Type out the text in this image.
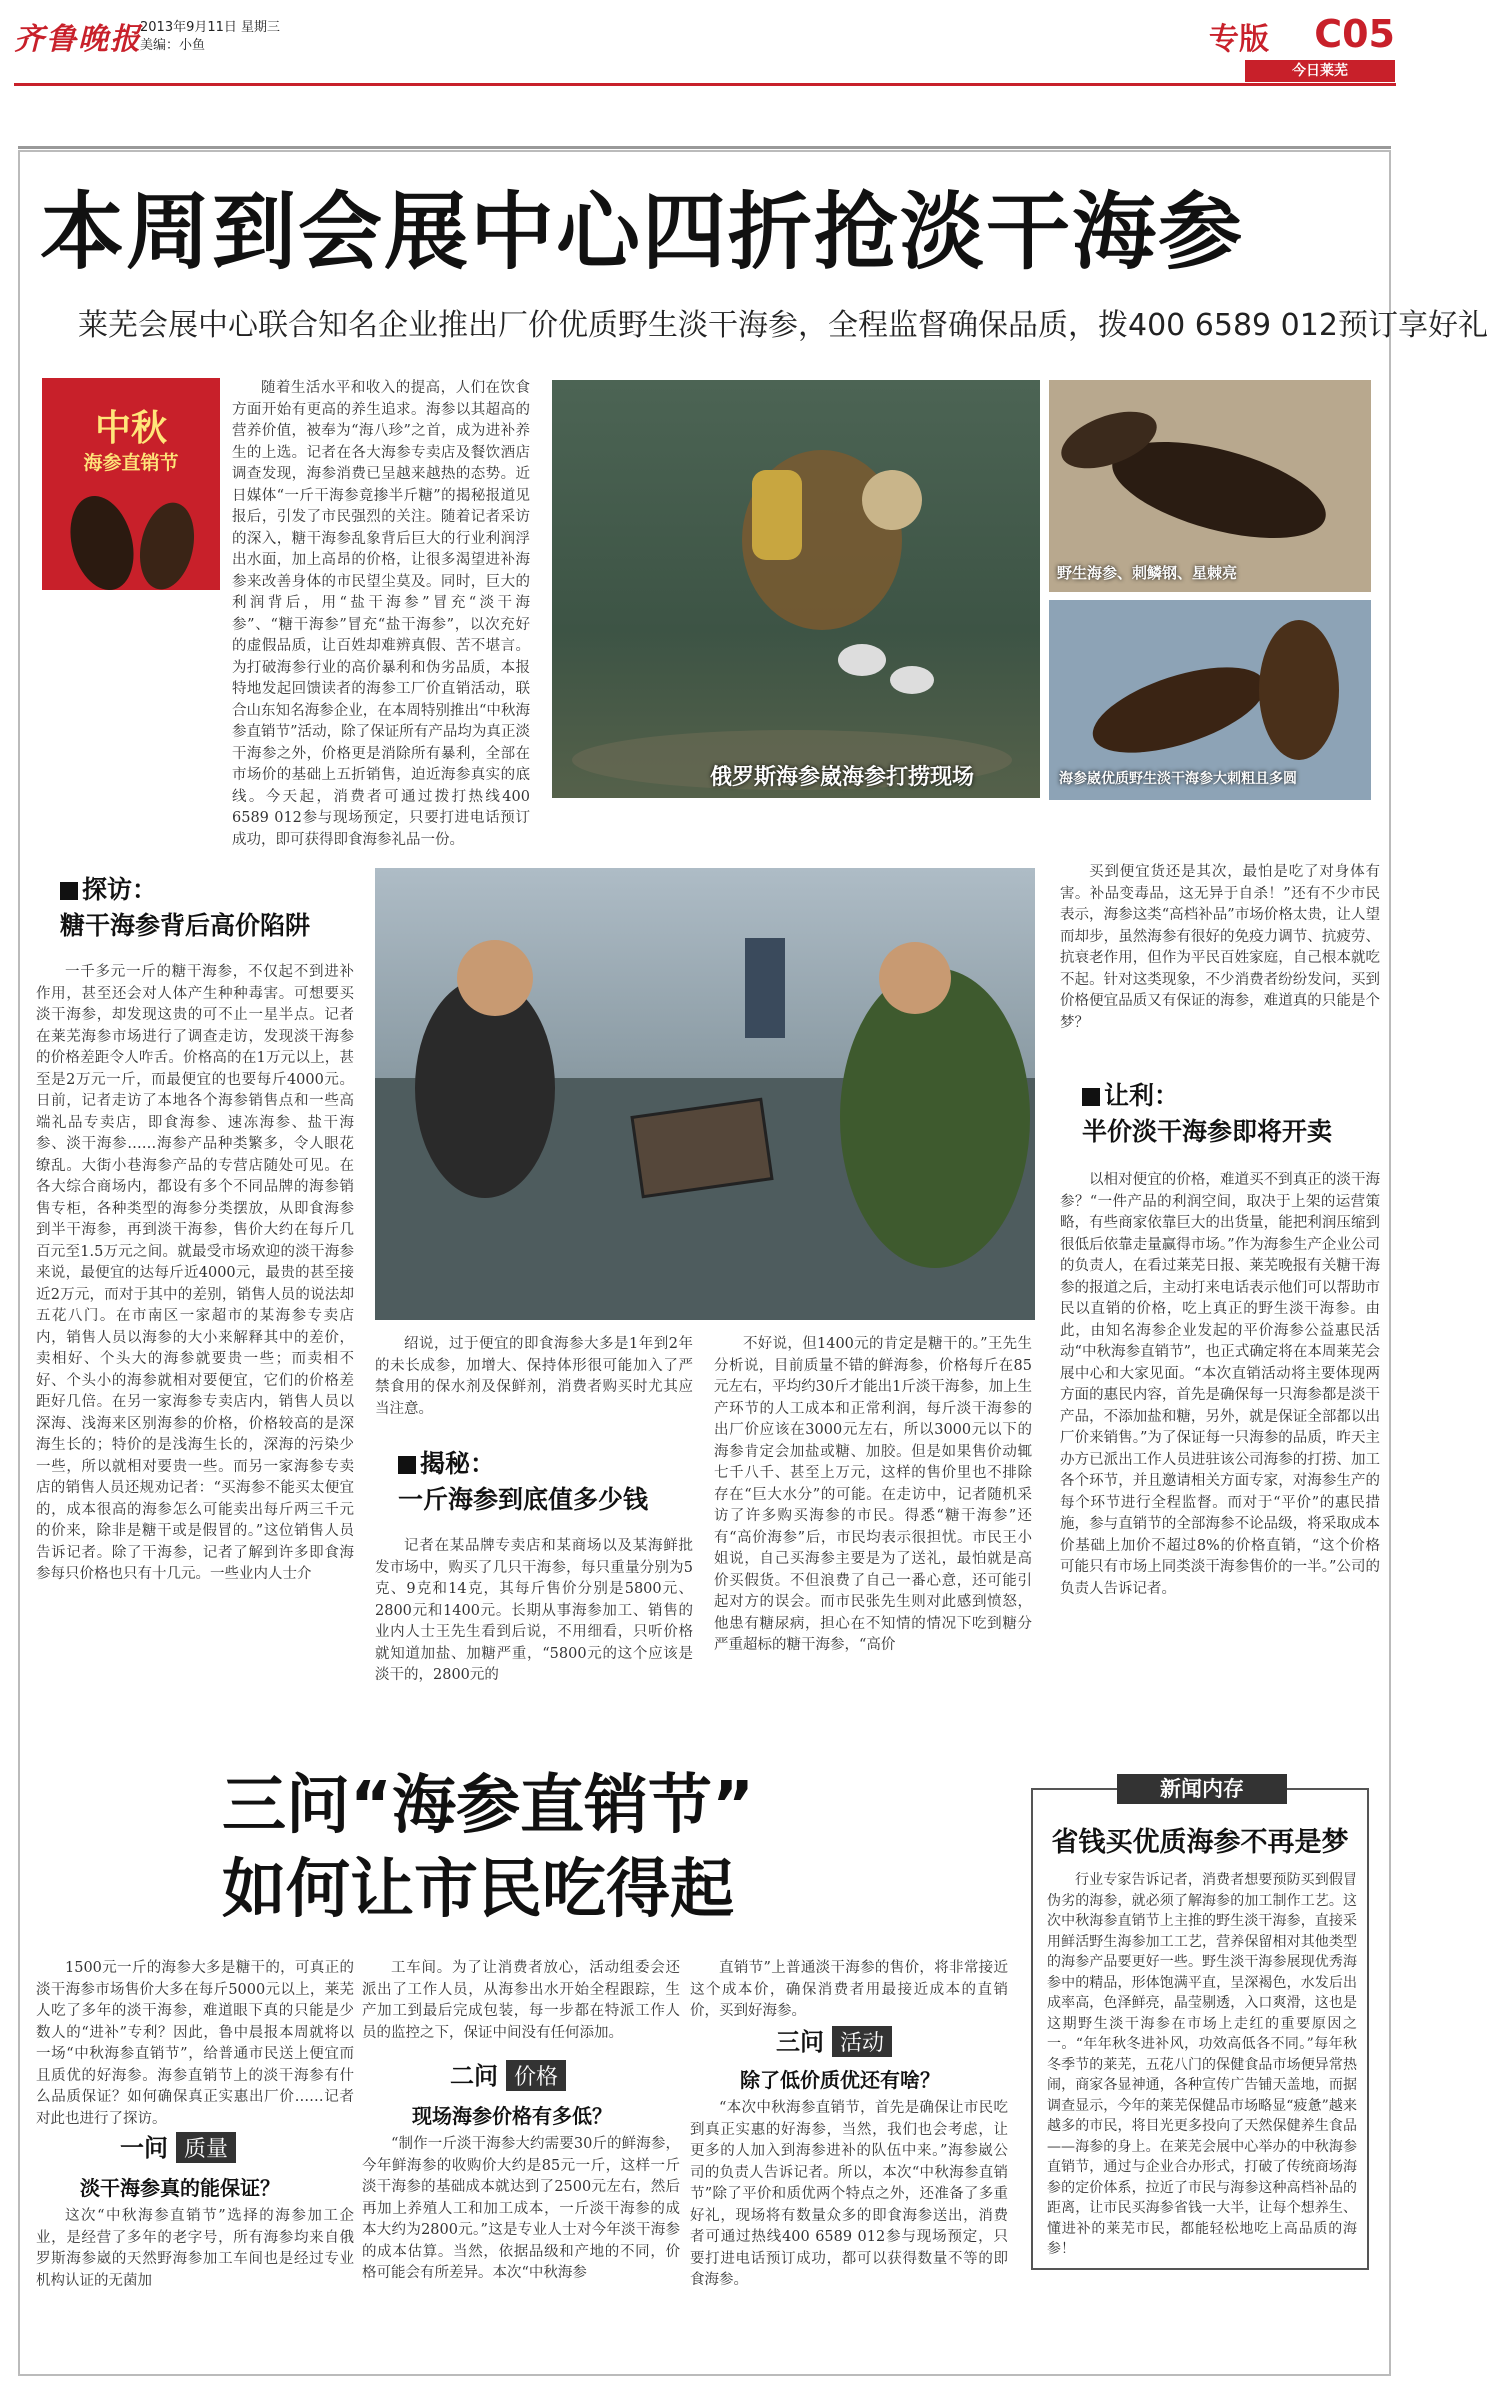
齐鲁晚报
2013年9月11日 星期三
美编：小鱼	专版 C05
今日莱芜
本周到会展中心四折抢淡干海参
莱芜会展中心联合知名企业推出厂价优质野生淡干海参，全程监督确保品质，拨400 6589 012预订享好礼
中秋
海参直销节
随着生活水平和收入的提高，人们在饮食方面开始有更高的养生追求。海参以其超高的营养价值，被奉为“海八珍”之首，成为进补养生的上选。记者在各大海参专卖店及餐饮酒店调查发现，海参消费已呈越来越热的态势。近日媒体“一斤干海参竟掺半斤糖”的揭秘报道见报后，引发了市民强烈的关注。随着记者采访的深入，糖干海参乱象背后巨大的行业利润浮出水面，加上高昂的价格，让很多渴望进补海参来改善身体的市民望尘莫及。同时，巨大的利润背后，用“盐干海参”冒充“淡干海参”、“糖干海参”冒充“盐干海参”，以次充好的虚假品质，让百姓却难辨真假、苦不堪言。为打破海参行业的高价暴利和伪劣品质，本报特地发起回馈读者的海参工厂价直销活动，联合山东知名海参企业，在本周特别推出“中秋海参直销节”活动，除了保证所有产品均为真正淡干海参之外，价格更是消除所有暴利，全部在市场价的基础上五折销售，迫近海参真实的底线。今天起，消费者可通过拨打热线400 6589 012参与现场预定，只要打进电话预订成功，即可获得即食海参礼品一份。
俄罗斯海参崴海参打捞现场
野生海参、刺鳞钢、星棘亮
海参崴优质野生淡干海参大刺粗且多圆
探访：
糖干海参背后高价陷阱
一千多元一斤的糖干海参，不仅起不到进补作用，甚至还会对人体产生种种毒害。可想要买淡干海参，却发现这贵的可不止一星半点。记者在莱芜海参市场进行了调查走访，发现淡干海参的价格差距令人咋舌。价格高的在1万元以上，甚至是2万元一斤，而最便宜的也要每斤4000元。日前，记者走访了本地各个海参销售点和一些高端礼品专卖店，即食海参、速冻海参、盐干海参、淡干海参……海参产品种类繁多，令人眼花缭乱。大街小巷海参产品的专营店随处可见。在各大综合商场内，都设有多个不同品牌的海参销售专柜，各种类型的海参分类摆放，从即食海参到半干海参，再到淡干海参，售价大约在每斤几百元至1.5万元之间。就最受市场欢迎的淡干海参来说，最便宜的达每斤近4000元，最贵的甚至接近2万元，而对于其中的差别，销售人员的说法却五花八门。在市南区一家超市的某海参专卖店内，销售人员以海参的大小来解释其中的差价，卖相好、个头大的海参就要贵一些；而卖相不好、个头小的海参就相对要便宜，它们的价格差距好几倍。在另一家海参专卖店内，销售人员以深海、浅海来区别海参的价格，价格较高的是深海生长的；特价的是浅海生长的，深海的污染少一些，所以就相对要贵一些。而另一家海参专卖店的销售人员还规劝记者：“买海参不能买太便宜的，成本很高的海参怎么可能卖出每斤两三千元的价来，除非是糖干或是假冒的。”这位销售人员告诉记者。除了干海参，记者了解到许多即食海参每只价格也只有十几元。一些业内人士介
绍说，过于便宜的即食海参大多是1年到2年的未长成参，加增大、保持体形很可能加入了严禁食用的保水剂及保鲜剂，消费者购买时尤其应当注意。
揭秘：
一斤海参到底值多少钱
记者在某品牌专卖店和某商场以及某海鲜批发市场中，购买了几只干海参，每只重量分别为5克、9克和14克，其每斤售价分别是5800元、2800元和1400元。长期从事海参加工、销售的业内人士王先生看到后说，不用细看，只听价格就知道加盐、加糖严重，“5800元的这个应该是淡干的，2800元的
不好说，但1400元的肯定是糖干的。”王先生分析说，目前质量不错的鲜海参，价格每斤在85元左右，平均约30斤才能出1斤淡干海参，加上生产环节的人工成本和正常利润，每斤淡干海参的出厂价应该在3000元左右，所以3000元以下的海参肯定会加盐或糖、加胶。但是如果售价动辄七千八千、甚至上万元，这样的售价里也不排除存在“巨大水分”的可能。在走访中，记者随机采访了许多购买海参的市民。得悉“糖干海参”还有“高价海参”后，市民均表示很担忧。市民王小姐说，自己买海参主要是为了送礼，最怕就是高价买假货。不但浪费了自己一番心意，还可能引起对方的误会。而市民张先生则对此感到愤怒，他患有糖尿病，担心在不知情的情况下吃到糖分严重超标的糖干海参，“高价
买到便宜货还是其次，最怕是吃了对身体有害。补品变毒品，这无异于自杀！”还有不少市民表示，海参这类“高档补品”市场价格太贵，让人望而却步，虽然海参有很好的免疫力调节、抗疲劳、抗衰老作用，但作为平民百姓家庭，自己根本就吃不起。针对这类现象，不少消费者纷纷发问，买到价格便宜品质又有保证的海参，难道真的只能是个梦？
让利：
半价淡干海参即将开卖
以相对便宜的价格，难道买不到真正的淡干海参？“一件产品的利润空间，取决于上架的运营策略，有些商家依靠巨大的出货量，能把利润压缩到很低后依靠走量赢得市场。”作为海参生产企业公司的负责人，在看过莱芜日报、莱芜晚报有关糖干海参的报道之后，主动打来电话表示他们可以帮助市民以直销的价格，吃上真正的野生淡干海参。由此，由知名海参企业发起的平价海参公益惠民活动“中秋海参直销节”，也正式确定将在本周莱芜会展中心和大家见面。“本次直销活动将主要体现两方面的惠民内容，首先是确保每一只海参都是淡干产品，不添加盐和糖，另外，就是保证全部都以出厂价来销售。”为了保证每一只海参的品质，昨天主办方已派出工作人员进驻该公司海参的打捞、加工各个环节，并且邀请相关方面专家，对海参生产的每个环节进行全程监督。而对于“平价”的惠民措施，参与直销节的全部海参不论品级，将采取成本价基础上加价不超过8%的价格直销，“这个价格可能只有市场上同类淡干海参售价的一半。”公司的负责人告诉记者。
三问“海参直销节”
如何让市民吃得起
1500元一斤的海参大多是糖干的，可真正的淡干海参市场售价大多在每斤5000元以上，莱芜人吃了多年的淡干海参，难道眼下真的只能是少数人的“进补”专利？因此，鲁中晨报本周就将以一场“中秋海参直销节”，给普通市民送上便宜而且质优的好海参。海参直销节上的淡干海参有什么品质保证？如何确保真正实惠出厂价……记者对此也进行了探访。
一问 质量
淡干海参真的能保证？
这次“中秋海参直销节”选择的海参加工企业，是经营了多年的老字号，所有海参均来自俄罗斯海参崴的天然野海参加工车间也是经过专业机构认证的无菌加
工车间。为了让消费者放心，活动组委会还派出了工作人员，从海参出水开始全程跟踪，生产加工到最后完成包装，每一步都在特派工作人员的监控之下，保证中间没有任何添加。
二问 价格
现场海参价格有多低？
“制作一斤淡干海参大约需要30斤的鲜海参，今年鲜海参的收购价大约是85元一斤，这样一斤淡干海参的基础成本就达到了2500元左右，然后再加上养殖人工和加工成本，一斤淡干海参的成本大约为2800元。”这是专业人士对今年淡干海参的成本估算。当然，依据品级和产地的不同，价格可能会有所差异。本次“中秋海参
直销节”上普通淡干海参的售价，将非常接近这个成本价，确保消费者用最接近成本的直销价，买到好海参。
三问 活动
除了低价质优还有啥？
“本次中秋海参直销节，首先是确保让市民吃到真正实惠的好海参，当然，我们也会考虑，让更多的人加入到海参进补的队伍中来。”海参崴公司的负责人告诉记者。所以，本次“中秋海参直销节”除了平价和质优两个特点之外，还准备了多重好礼，现场将有数量众多的即食海参送出，消费者可通过热线400 6589 012参与现场预定，只要打进电话预订成功，都可以获得数量不等的即食海参。
新闻内存
省钱买优质海参不再是梦
行业专家告诉记者，消费者想要预防买到假冒伪劣的海参，就必须了解海参的加工制作工艺。这次中秋海参直销节上主推的野生淡干海参，直接采用鲜活野生海参加工工艺，营养保留相对其他类型的海参产品要更好一些。野生淡干海参展现优秀海参中的精品，形体饱满平直，呈深褐色，水发后出成率高，色泽鲜亮，晶莹剔透，入口爽滑，这也是这期野生淡干海参在市场上走红的重要原因之一。“年年秋冬进补风，功效高低各不同。”每年秋冬季节的莱芜，五花八门的保健食品市场便异常热闹，商家各显神通，各种宣传广告铺天盖地，而据调查显示，今年的莱芜保健品市场略显“疲惫”越来越多的市民，将目光更多投向了天然保健养生食品——海参的身上。在莱芜会展中心举办的中秋海参直销节，通过与企业合办形式，打破了传统商场海参的定价体系，拉近了市民与海参这种高档补品的距离，让市民买海参省钱一大半，让每个想养生、懂进补的莱芜市民，都能轻松地吃上高品质的海参！
